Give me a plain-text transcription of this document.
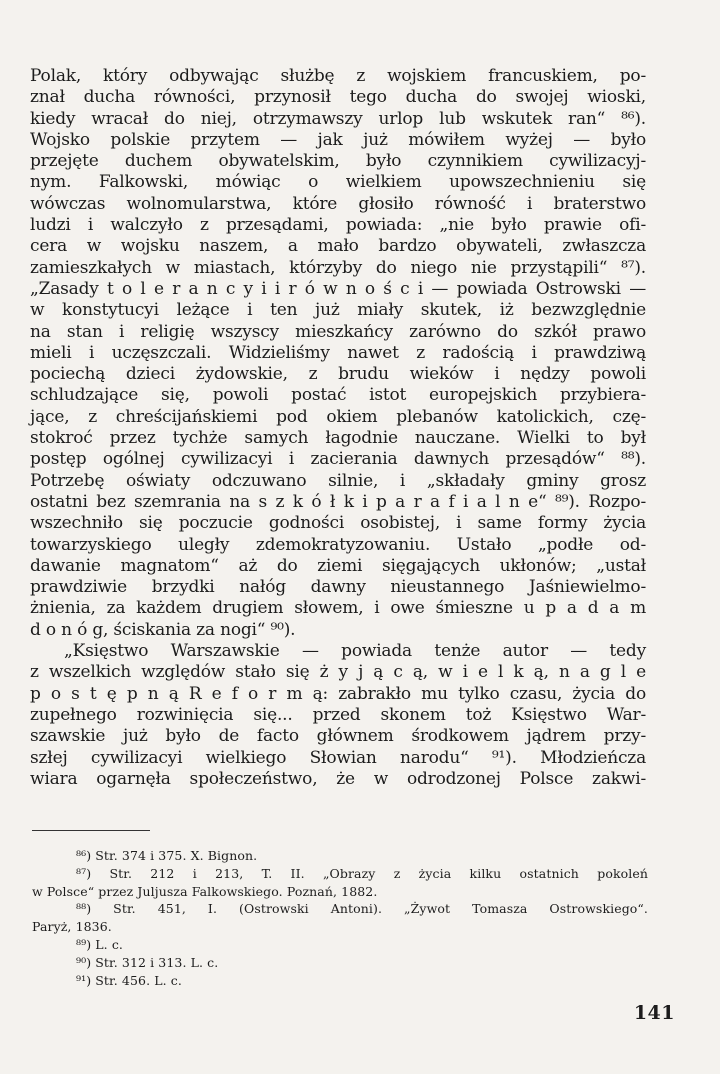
Polak, który odbywając służbę z wojskiem francuskiem, po-
znał ducha równości, przynosił tego ducha do swojej wioski,
kiedy wracał do niej, otrzymawszy urlop lub wskutek ran“ ⁸⁶).
Wojsko polskie przytem — jak już mówiłem wyżej — było
przejęte duchem obywatelskim, było czynnikiem cywilizacyj-
nym. Falkowski, mówiąc o wielkiem upowszechnieniu się
wówczas wolnomularstwa, które głosiło równość i braterstwo
ludzi i walczyło z przesądami, powiada: „nie było prawie ofi-
cera w wojsku naszem, a mało bardzo obywateli, zwłaszcza
zamieszkałych w miastach, którzyby do niego nie przystąpili“ ⁸⁷).
„Zasady t o l e r a n c y i i r ó w n o ś c i — powiada Ostrowski —
w konstytucyi leżące i ten już miały skutek, iż bezwzględnie
na stan i religię wszyscy mieszkańcy zarówno do szkół prawo
mieli i uczęszczali. Widzieliśmy nawet z radością i prawdziwą
pociechą dzieci żydowskie, z brudu wieków i nędzy powoli
schludzające się, powoli postać istot europejskich przybiera-
jące, z chreścijańskiemi pod okiem plebanów katolickich, czę-
stokroć przez tychże samych łagodnie nauczane. Wielki to był
postęp ogólnej cywilizacyi i zacierania dawnych przesądów“ ⁸⁸).
Potrzebę oświaty odczuwano silnie, i „składały gminy grosz
ostatni bez szemrania na s z k ó ł k i p a r a f i a l n e“ ⁸⁹). Rozpo-
wszechniło się poczucie godności osobistej, i same formy życia
towarzyskiego uległy zdemokratyzowaniu. Ustało „podłe od-
dawanie magnatom“ aż do ziemi sięgających ukłonów; „ustał
prawdziwie brzydki nałóg dawny nieustannego Jaśniewielmo-
żnienia, za każdem drugiem słowem, i owe śmieszne u p a d a m
d o n ó g, ściskania za nogi“ ⁹⁰).
„Księstwo Warszawskie — powiada tenże autor — tedy
z wszelkich względów stało się ż y j ą c ą, w i e l k ą, n a g l e
p o s t ę p n ą R e f o r m ą: zabrakło mu tylko czasu, życia do
zupełnego rozwinięcia się... przed skonem toż Księstwo War-
szawskie już było de facto głównem środkowem jądrem przy-
szłej cywilizacyi wielkiego Słowian narodu“ ⁹¹). Młodzieńcza
wiara ogarnęła społeczeństwo, że w odrodzonej Polsce zakwi-
⁸⁶) Str. 374 i 375. X. Bignon.
⁸⁷) Str. 212 i 213, T. II. „Obrazy z życia kilku ostatnich pokoleń
w Polsce“ przez Juljusza Falkowskiego. Poznań, 1882.
⁸⁸) Str. 451, I. (Ostrowski Antoni). „Żywot Tomasza Ostrowskiego“.
Paryż, 1836.
⁸⁹) L. c.
⁹⁰) Str. 312 i 313. L. c.
⁹¹) Str. 456. L. c.
141
